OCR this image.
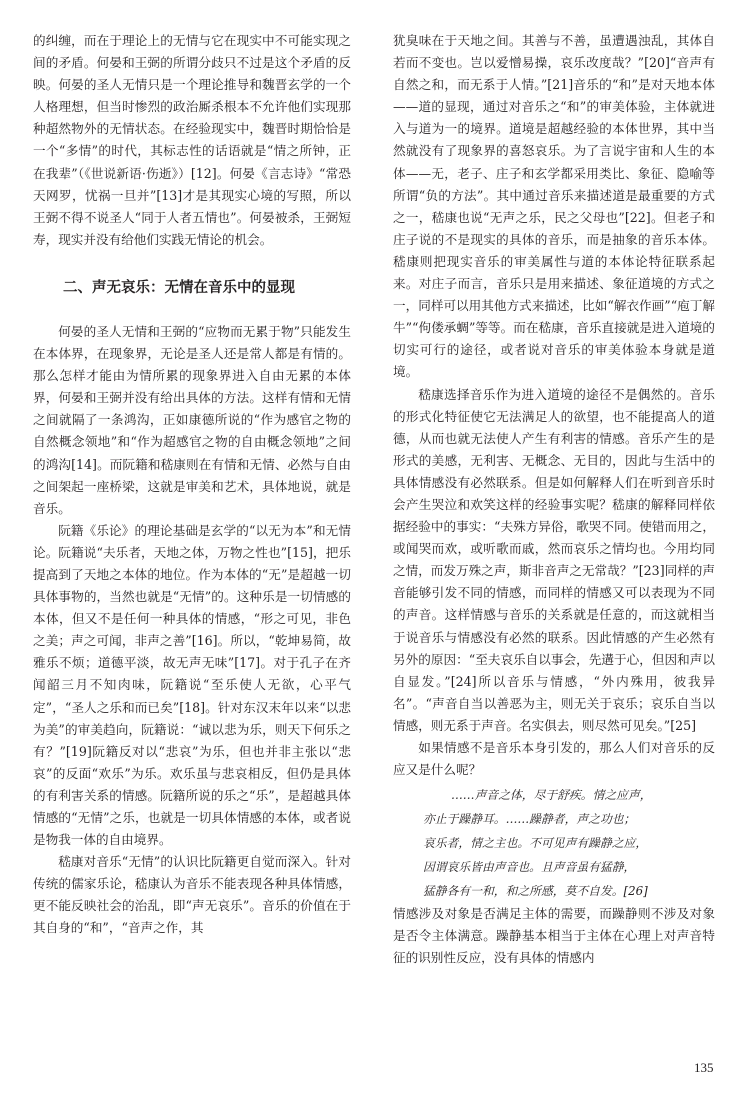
的纠缠，而在于理论上的无情与它在现实中不可能实现之间的矛盾。何晏和王弼的所谓分歧只不过是这个矛盾的反映。何晏的圣人无情只是一个理论推导和魏晋玄学的一个人格理想，但当时惨烈的政治厮杀根本不允许他们实现那种超然物外的无情状态。在经验现实中，魏晋时期恰恰是一个“多情”的时代，其标志性的话语就是“情之所钟，正在我辈”（《世说新语·伤逝》）[12]。何晏《言志诗》“常恐天网罗，忧祸一旦并”[13]才是其现实心境的写照，所以王弼不得不说圣人“同于人者五情也”。何晏被杀，王弼短寿，现实并没有给他们实践无情论的机会。

二、声无哀乐：无情在音乐中的显现

何晏的圣人无情和王弼的“应物而无累于物”只能发生在本体界，在现象界，无论是圣人还是常人都是有情的。那么怎样才能由为情所累的现象界进入自由无累的本体界，何晏和王弼并没有给出具体的方法。这样有情和无情之间就隔了一条鸿沟，正如康德所说的“作为感官之物的自然概念领地”和“作为超感官之物的自由概念领地”之间的鸿沟[14]。而阮籍和嵇康则在有情和无情、必然与自由之间架起一座桥梁，这就是审美和艺术，具体地说，就是音乐。

阮籍《乐论》的理论基础是玄学的“以无为本”和无情论。阮籍说“夫乐者，天地之体，万物之性也”[15]，把乐提高到了天地之本体的地位。作为本体的“无”是超越一切具体事物的，当然也就是“无情”的。这种乐是一切情感的本体，但又不是任何一种具体的情感，“形之可见，非色之美；声之可闻，非声之善”[16]。所以，“乾坤易简，故雅乐不烦；道德平淡，故无声无味”[17]。对于孔子在齐闻韶三月不知肉味，阮籍说“至乐使人无欲，心平气定”，“圣人之乐和而已矣”[18]。针对东汉末年以来“以悲为美”的审美趋向，阮籍说：“诚以悲为乐，则天下何乐之有？”[19]阮籍反对以“悲哀”为乐，但也并非主张以“悲哀”的反面“欢乐”为乐。欢乐虽与悲哀相反，但仍是具体的有利害关系的情感。阮籍所说的乐之“乐”，是超越具体情感的“无情”之乐，也就是一切具体情感的本体，或者说是物我一体的自由境界。

嵇康对音乐“无情”的认识比阮籍更自觉而深入。针对传统的儒家乐论，嵇康认为音乐不能表现各种具体情感，更不能反映社会的治乱，即“声无哀乐”。音乐的价值在于其自身的“和”，“音声之作，其

犹臭味在于天地之间。其善与不善，虽遭遇浊乱，其体自若而不变也。岂以爱憎易操，哀乐改度哉？”[20]“音声有自然之和，而无系于人情。”[21]音乐的“和”是对天地本体——道的显现，通过对音乐之“和”的审美体验，主体就进入与道为一的境界。道境是超越经验的本体世界，其中当然就没有了现象界的喜怒哀乐。为了言说宇宙和人生的本体——无，老子、庄子和玄学都采用类比、象征、隐喻等所谓“负的方法”。其中通过音乐来描述道是最重要的方式之一，嵇康也说“无声之乐，民之父母也”[22]。但老子和庄子说的不是现实的具体的音乐，而是抽象的音乐本体。嵇康则把现实音乐的审美属性与道的本体论特征联系起来。对庄子而言，音乐只是用来描述、象征道境的方式之一，同样可以用其他方式来描述，比如“解衣作画”“庖丁解牛”“佝偻承蜩”等等。而在嵇康，音乐直接就是进入道境的切实可行的途径，或者说对音乐的审美体验本身就是道境。

嵇康选择音乐作为进入道境的途径不是偶然的。音乐的形式化特征使它无法满足人的欲望，也不能提高人的道德，从而也就无法使人产生有利害的情感。音乐产生的是形式的美感，无利害、无概念、无目的，因此与生活中的具体情感没有必然联系。但是如何解释人们在听到音乐时会产生哭泣和欢笑这样的经验事实呢？嵇康的解释同样依据经验中的事实：“夫殊方异俗，歌哭不同。使错而用之，或闻哭而欢，或听歌而戚，然而哀乐之情均也。今用均同之情，而发万殊之声，斯非音声之无常哉？”[23]同样的声音能够引发不同的情感，而同样的情感又可以表现为不同的声音。这样情感与音乐的关系就是任意的，而这就相当于说音乐与情感没有必然的联系。因此情感的产生必然有另外的原因：“至夫哀乐自以事会，先遘于心，但因和声以自显发。”[24]所以音乐与情感，“外内殊用，彼我异名”。“声音自当以善恶为主，则无关于哀乐；哀乐自当以情感，则无系于声音。名实俱去，则尽然可见矣。”[25]

如果情感不是音乐本身引发的，那么人们对音乐的反应又是什么呢？

……声音之体，尽于舒疾。情之应声，
亦止于躁静耳。……躁静者，声之功也；
哀乐者，情之主也。不可见声有躁静之应，
因谓哀乐皆由声音也。且声音虽有猛静，
猛静各有一和，和之所感，莫不自发。[26]

情感涉及对象是否满足主体的需要，而躁静则不涉及对象是否令主体满意。躁静基本相当于主体在心理上对声音特征的识别性反应，没有具体的情感内

135
